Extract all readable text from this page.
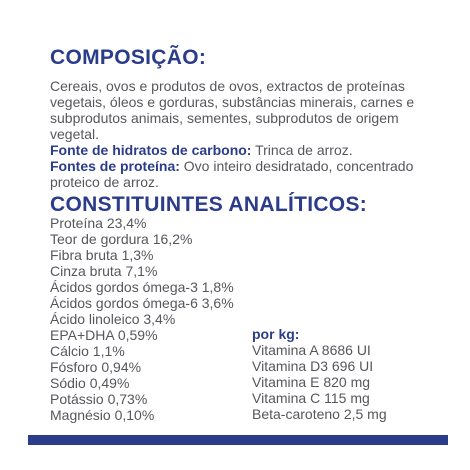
COMPOSIÇÃO:

Cereais, ovos e produtos de ovos, extractos de proteínas vegetais, óleos e gorduras, substâncias minerais, carnes e subprodutos animais, sementes, subprodutos de origem vegetal.

Fonte de hidratos de carbono: Trinca de arroz.

Fontes de proteína: Ovo inteiro desidratado, concentrado proteico de arroz.

CONSTITUINTES ANALÍTICOS:
Proteína 23,4%
Teor de gordura 16,2%
Fibra bruta 1,3%
Cinza bruta 7,1%
Ácidos gordos ómega-3 1,8%
Ácidos gordos ómega-6 3,6%
Ácido linoleico 3,4%
EPA+DHA 0,59%
Cálcio 1,1%
Fósforo 0,94%
Sódio 0,49%
Potássio 0,73%
Magnésio 0,10%
por kg:
Vitamina A 8686 UI
Vitamina D3 696 UI
Vitamina E 820 mg
Vitamina C 115 mg
Beta-caroteno 2,5 mg
